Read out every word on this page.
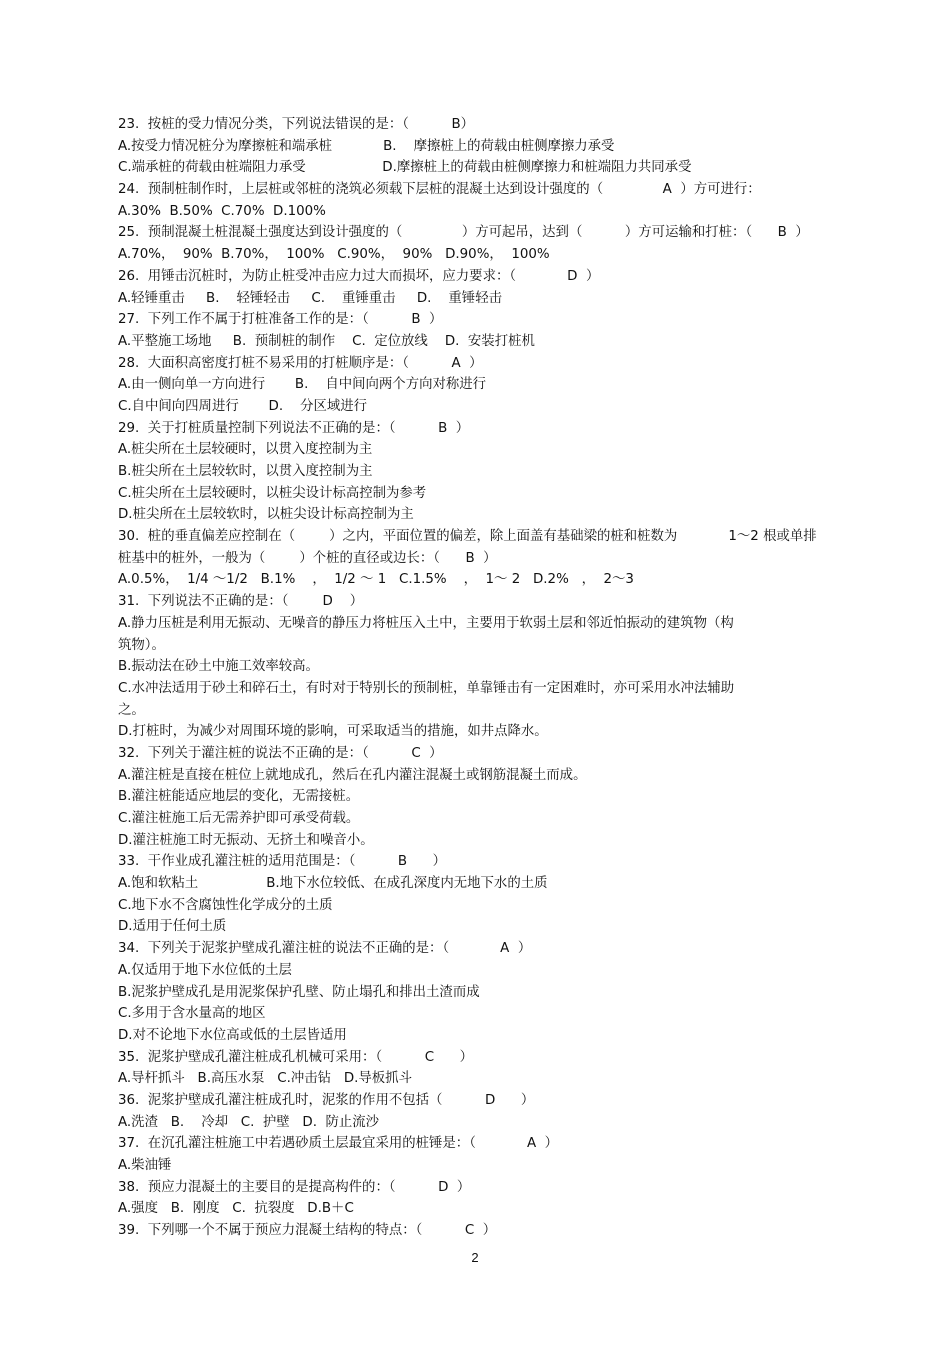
23.  按桩的受力情况分类，下列说法错误的是：（          B）
A.按受力情况桩分为摩擦桩和端承桩            B.    摩擦桩上的荷载由桩侧摩擦力承受
C.端承桩的荷载由桩端阻力承受                  D.摩擦桩上的荷载由桩侧摩擦力和桩端阻力共同承受
24.  预制桩制作时，上层桩或邻桩的浇筑必须载下层桩的混凝土达到设计强度的（              A  ）方可进行：
A.30%  B.50%  C.70%  D.100%
25.  预制混凝土桩混凝土强度达到设计强度的（              ）方可起吊，达到（          ）方可运输和打桩：（      B  ）
A.70%，  90%  B.70%，  100%   C.90%，  90%   D.90%，  100%
26.  用锤击沉桩时，为防止桩受冲击应力过大而损坏，应力要求：（            D  ）
A.轻锤重击     B.    轻锤轻击     C.    重锤重击     D.    重锤轻击
27.  下列工作不属于打桩准备工作的是：（          B  ）
A.平整施工场地     B.  预制桩的制作    C.  定位放线    D.  安装打桩机
28.  大面积高密度打桩不易采用的打桩顺序是：（          A  ）
A.由一侧向单一方向进行       B.    自中间向两个方向对称进行
C.自中间向四周进行       D.    分区域进行
29.  关于打桩质量控制下列说法不正确的是：（          B  ）
A.桩尖所在土层较硬时，以贯入度控制为主
B.桩尖所在土层较软时，以贯入度控制为主
C.桩尖所在土层较硬时，以桩尖设计标高控制为参考
D.桩尖所在土层较软时，以桩尖设计标高控制为主
30.  桩的垂直偏差应控制在（        ）之内，平面位置的偏差，除上面盖有基础梁的桩和桩数为            1～2 根或单排
桩基中的桩外，一般为（        ）个桩的直径或边长：（      B  ）
A.0.5%，  1/4 ～1/2   B.1%    ，  1/2 ～ 1   C.1.5%    ，  1～ 2   D.2%   ，  2～3
31.  下列说法不正确的是：（        D    ）
A.静力压桩是利用无振动、无噪音的静压力将桩压入土中，主要用于软弱土层和邻近怕振动的建筑物（构
筑物）。
B.振动法在砂土中施工效率较高。
C.水冲法适用于砂土和碎石土，有时对于特别长的预制桩，单靠锤击有一定困难时，亦可采用水冲法辅助
之。
D.打桩时，为减少对周围环境的影响，可采取适当的措施，如井点降水。
32.  下列关于灌注桩的说法不正确的是：（          C  ）
A.灌注桩是直接在桩位上就地成孔，然后在孔内灌注混凝土或钢筋混凝土而成。
B.灌注桩能适应地层的变化，无需接桩。
C.灌注桩施工后无需养护即可承受荷载。
D.灌注桩施工时无振动、无挤土和噪音小。
33.  干作业成孔灌注桩的适用范围是：（          B      ）
A.饱和软粘土                B.地下水位较低、在成孔深度内无地下水的土质
C.地下水不含腐蚀性化学成分的土质
D.适用于任何土质
34.  下列关于泥浆护壁成孔灌注桩的说法不正确的是：（            A  ）
A.仅适用于地下水位低的土层
B.泥浆护壁成孔是用泥浆保护孔壁、防止塌孔和排出土渣而成
C.多用于含水量高的地区
D.对不论地下水位高或低的土层皆适用
35.  泥浆护壁成孔灌注桩成孔机械可采用：（          C      ）
A.导杆抓斗   B.高压水泵   C.冲击钻   D.导板抓斗
36.  泥浆护壁成孔灌注桩成孔时，泥浆的作用不包括（          D      ）
A.洗渣   B.    冷却   C.  护壁   D.  防止流沙
37.  在沉孔灌注桩施工中若遇砂质土层最宜采用的桩锤是：（            A  ）
A.柴油锤
38.  预应力混凝土的主要目的是提高构件的：（          D  ）
A.强度   B.  刚度   C.  抗裂度   D.B＋C
39.  下列哪一个不属于预应力混凝土结构的特点：（          C  ）
2
